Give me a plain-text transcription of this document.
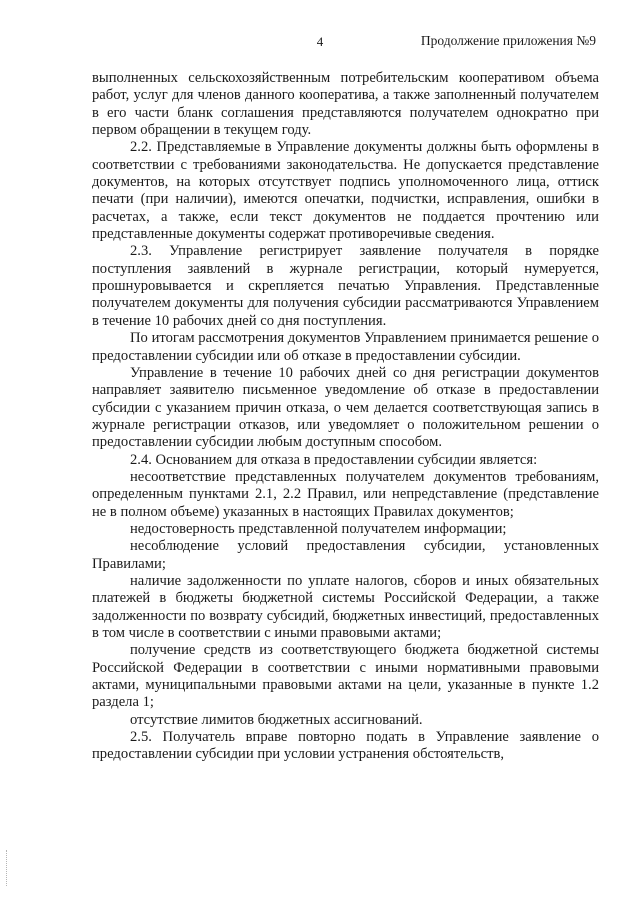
4	Продолжение приложения №9

выполненных сельскохозяйственным потребительским кооперативом объема работ, услуг для членов данного кооператива, а также заполненный получателем в его части бланк соглашения представляются получателем однократно при первом обращении в текущем году.

2.2. Представляемые в Управление документы должны быть оформлены в соответствии с требованиями законодательства. Не допускается представление документов, на которых отсутствует подпись уполномоченного лица, оттиск печати (при наличии), имеются опечатки, подчистки, исправления, ошибки в расчетах, а также, если текст документов не поддается прочтению или представленные документы содержат противоречивые сведения.

2.3. Управление регистрирует заявление получателя в порядке поступления заявлений в журнале регистрации, который нумеруется, прошнуровывается и скрепляется печатью Управления. Представленные получателем документы для получения субсидии рассматриваются Управлением в течение 10 рабочих дней со дня поступления.

По итогам рассмотрения документов Управлением принимается решение о предоставлении субсидии или об отказе в предоставлении субсидии.

Управление в течение 10 рабочих дней со дня регистрации документов направляет заявителю письменное уведомление об отказе в предоставлении субсидии с указанием причин отказа, о чем делается соответствующая запись в журнале регистрации отказов, или уведомляет о положительном решении о предоставлении субсидии любым доступным способом.

2.4. Основанием для отказа в предоставлении субсидии является:

несоответствие представленных получателем документов требованиям, определенным пунктами 2.1, 2.2 Правил, или непредставление (представление не в полном объеме) указанных в настоящих Правилах документов;

недостоверность представленной получателем информации;

несоблюдение условий предоставления субсидии, установленных Правилами;

наличие задолженности по уплате налогов, сборов и иных обязательных платежей в бюджеты бюджетной системы Российской Федерации, а также задолженности по возврату субсидий, бюджетных инвестиций, предоставленных в том числе в соответствии с иными правовыми актами;

получение средств из соответствующего бюджета бюджетной системы Российской Федерации в соответствии с иными нормативными правовыми актами, муниципальными правовыми актами на цели, указанные в пункте 1.2 раздела 1;

отсутствие лимитов бюджетных ассигнований.

2.5. Получатель вправе повторно подать в Управление заявление о предоставлении субсидии при условии устранения обстоятельств,
